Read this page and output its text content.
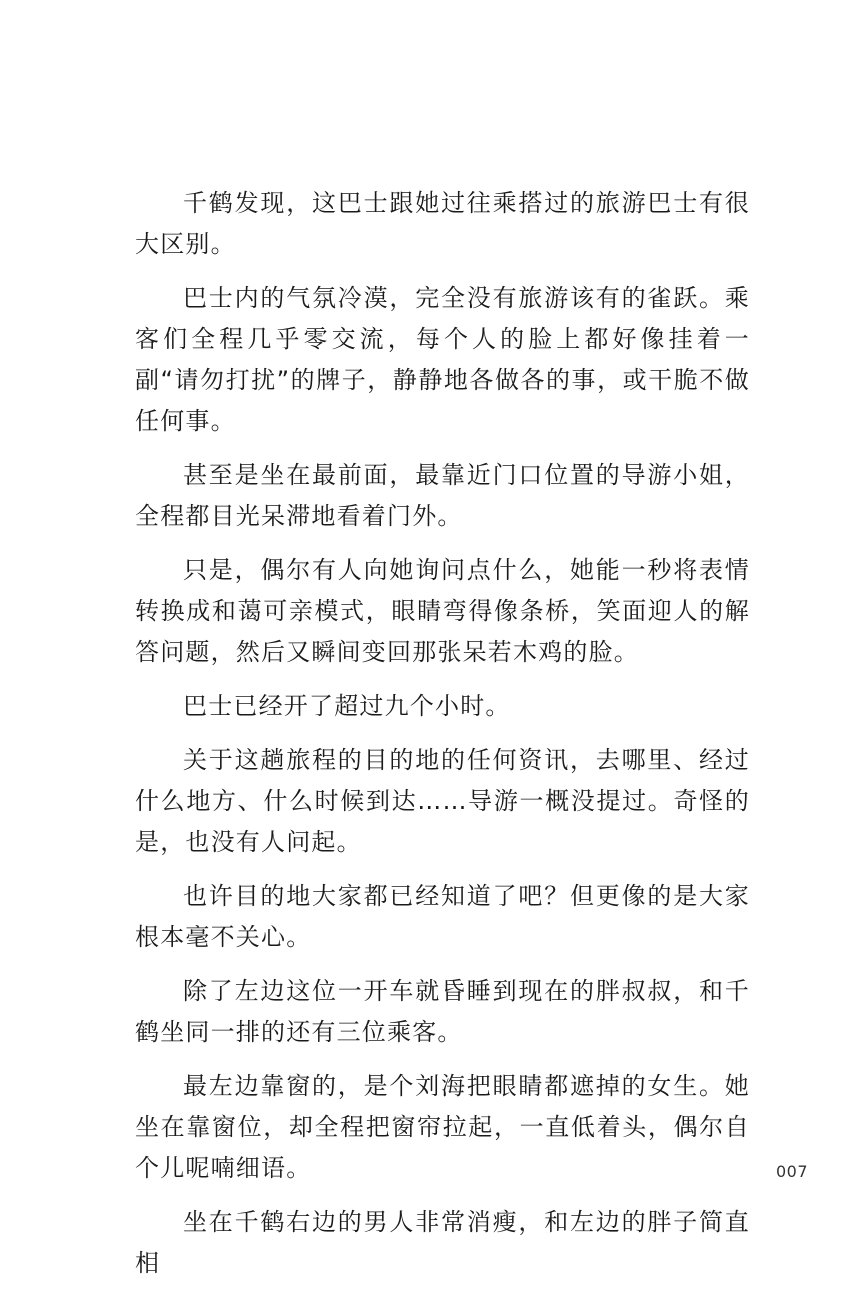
千鹤发现，这巴士跟她过往乘搭过的旅游巴士有很大区别。

巴士内的气氛冷漠，完全没有旅游该有的雀跃。乘客们全程几乎零交流，每个人的脸上都好像挂着一副“请勿打扰”的牌子，静静地各做各的事，或干脆不做任何事。

甚至是坐在最前面，最靠近门口位置的导游小姐，全程都目光呆滞地看着门外。

只是，偶尔有人向她询问点什么，她能一秒将表情转换成和蔼可亲模式，眼睛弯得像条桥，笑面迎人的解答问题，然后又瞬间变回那张呆若木鸡的脸。

巴士已经开了超过九个小时。

关于这趟旅程的目的地的任何资讯，去哪里、经过什么地方、什么时候到达……导游一概没提过。奇怪的是，也没有人问起。

也许目的地大家都已经知道了吧？但更像的是大家根本毫不关心。

除了左边这位一开车就昏睡到现在的胖叔叔，和千鹤坐同一排的还有三位乘客。

最左边靠窗的，是个刘海把眼睛都遮掉的女生。她坐在靠窗位，却全程把窗帘拉起，一直低着头，偶尔自个儿呢喃细语。

坐在千鹤右边的男人非常消瘦，和左边的胖子简直相

007
